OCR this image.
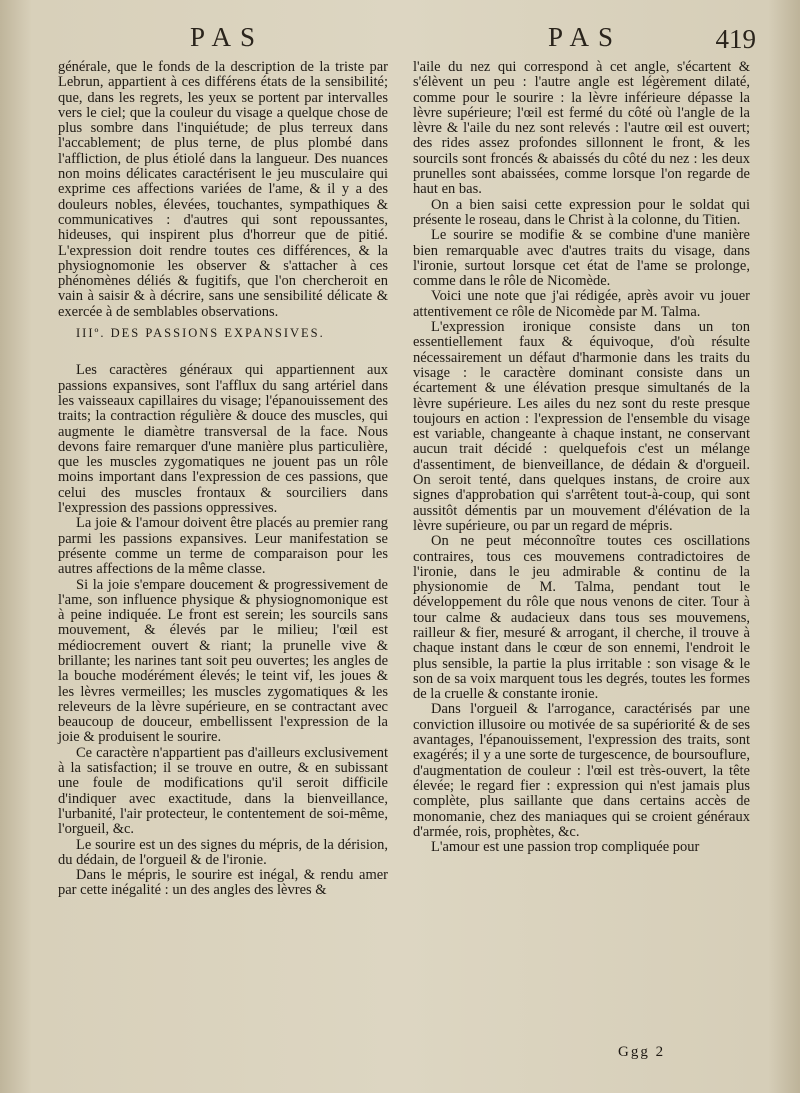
PAS	PAS	419

générale, que le fonds de la description de la triste par Lebrun, appartient à ces différens états de la sensibilité; que, dans les regrets, les yeux se portent par intervalles vers le ciel; que la couleur du visage a quelque chose de plus sombre dans l'inquiétude; de plus terreux dans l'accablement; de plus terne, de plus plombé dans l'affliction, de plus étiolé dans la langueur. Des nuances non moins délicates caractérisent le jeu musculaire qui exprime ces affections variées de l'ame, & il y a des douleurs nobles, élevées, touchantes, sympathiques & communicatives : d'autres qui sont repoussantes, hideuses, qui inspirent plus d'horreur que de pitié. L'expression doit rendre toutes ces différences, & la physiognomonie les observer & s'attacher à ces phénomènes déliés & fugitifs, que l'on chercheroit en vain à saisir & à décrire, sans une sensibilité délicate & exercée à de semblables observations.

IIIº. DES PASSIONS EXPANSIVES.

Les caractères généraux qui appartiennent aux passions expansives, sont l'afflux du sang artériel dans les vaisseaux capillaires du visage; l'épanouissement des traits; la contraction régulière & douce des muscles, qui augmente le diamètre transversal de la face. Nous devons faire remarquer d'une manière plus particulière, que les muscles zygomatiques ne jouent pas un rôle moins important dans l'expression de ces passions, que celui des muscles frontaux & sourciliers dans l'expression des passions oppressives.

La joie & l'amour doivent être placés au premier rang parmi les passions expansives. Leur manifestation se présente comme un terme de comparaison pour les autres affections de la même classe.

Si la joie s'empare doucement & progressivement de l'ame, son influence physique & physiognomonique est à peine indiquée. Le front est serein; les sourcils sans mouvement, & élevés par le milieu; l'œil est médiocrement ouvert & riant; la prunelle vive & brillante; les narines tant soit peu ouvertes; les angles de la bouche modérément élevés; le teint vif, les joues & les lèvres vermeilles; les muscles zygomatiques & les releveurs de la lèvre supérieure, en se contractant avec beaucoup de douceur, embellissent l'expression de la joie & produisent le sourire.

Ce caractère n'appartient pas d'ailleurs exclusivement à la satisfaction; il se trouve en outre, & en subissant une foule de modifications qu'il seroit difficile d'indiquer avec exactitude, dans la bienveillance, l'urbanité, l'air protecteur, le contentement de soi-même, l'orgueil, &c.

Le sourire est un des signes du mépris, de la dérision, du dédain, de l'orgueil & de l'ironie.

Dans le mépris, le sourire est inégal, & rendu amer par cette inégalité : un des angles des lèvres &

l'aile du nez qui correspond à cet angle, s'écartent & s'élèvent un peu : l'autre angle est légèrement dilaté, comme pour le sourire : la lèvre inférieure dépasse la lèvre supérieure; l'œil est fermé du côté où l'angle de la lèvre & l'aile du nez sont relevés : l'autre œil est ouvert; des rides assez profondes sillonnent le front, & les sourcils sont froncés & abaissés du côté du nez : les deux prunelles sont abaissées, comme lorsque l'on regarde de haut en bas.

On a bien saisi cette expression pour le soldat qui présente le roseau, dans le Christ à la colonne, du Titien.

Le sourire se modifie & se combine d'une manière bien remarquable avec d'autres traits du visage, dans l'ironie, surtout lorsque cet état de l'ame se prolonge, comme dans le rôle de Nicomède.

Voici une note que j'ai rédigée, après avoir vu jouer attentivement ce rôle de Nicomède par M. Talma.

L'expression ironique consiste dans un ton essentiellement faux & équivoque, d'où résulte nécessairement un défaut d'harmonie dans les traits du visage : le caractère dominant consiste dans un écartement & une élévation presque simultanés de la lèvre supérieure. Les ailes du nez sont du reste presque toujours en action : l'expression de l'ensemble du visage est variable, changeante à chaque instant, ne conservant aucun trait décidé : quelquefois c'est un mélange d'assentiment, de bienveillance, de dédain & d'orgueil. On seroit tenté, dans quelques instans, de croire aux signes d'approbation qui s'arrêtent tout-à-coup, qui sont aussitôt démentis par un mouvement d'élévation de la lèvre supérieure, ou par un regard de mépris.

On ne peut méconnoître toutes ces oscillations contraires, tous ces mouvemens contradictoires de l'ironie, dans le jeu admirable & continu de la physionomie de M. Talma, pendant tout le développement du rôle que nous venons de citer. Tour à tour calme & audacieux dans tous ses mouvemens, railleur & fier, mesuré & arrogant, il cherche, il trouve à chaque instant dans le cœur de son ennemi, l'endroit le plus sensible, la partie la plus irritable : son visage & le son de sa voix marquent tous les degrés, toutes les formes de la cruelle & constante ironie.

Dans l'orgueil & l'arrogance, caractérisés par une conviction illusoire ou motivée de sa supériorité & de ses avantages, l'épanouissement, l'expression des traits, sont exagérés; il y a une sorte de turgescence, de boursouflure, d'augmentation de couleur : l'œil est très-ouvert, la tête élevée; le regard fier : expression qui n'est jamais plus complète, plus saillante que dans certains accès de monomanie, chez des maniaques qui se croient généraux d'armée, rois, prophètes, &c.

L'amour est une passion trop compliquée pour

Ggg 2
